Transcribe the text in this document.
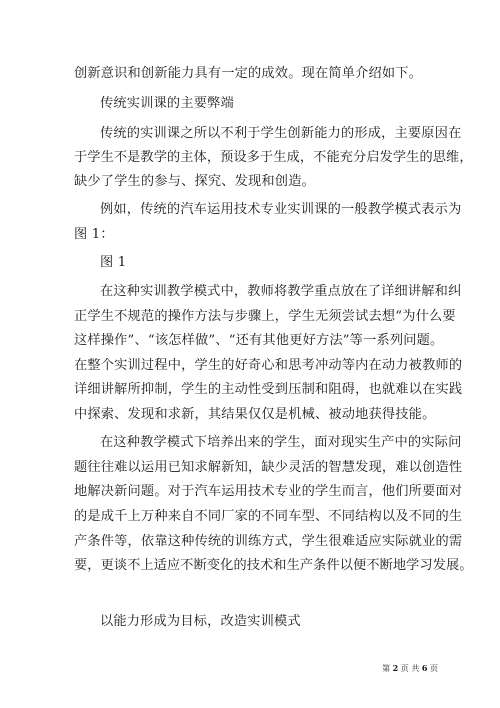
创新意识和创新能力具有一定的成效。现在简单介绍如下。
传统实训课的主要弊端
传统的实训课之所以不利于学生创新能力的形成，主要原因在
于学生不是教学的主体，预设多于生成，不能充分启发学生的思维，
缺少了学生的参与、探究、发现和创造。
例如，传统的汽车运用技术专业实训课的一般教学模式表示为
图 1：
图 1
在这种实训教学模式中，教师将教学重点放在了详细讲解和纠
正学生不规范的操作方法与步骤上，学生无须尝试去想“为什么要
这样操作”、“该怎样做”、“还有其他更好方法”等一系列问题。
在整个实训过程中，学生的好奇心和思考冲动等内在动力被教师的
详细讲解所抑制，学生的主动性受到压制和阻碍，也就难以在实践
中探索、发现和求新，其结果仅仅是机械、被动地获得技能。
在这种教学模式下培养出来的学生，面对现实生产中的实际问
题往往难以运用已知求解新知，缺少灵活的智慧发现，难以创造性
地解决新问题。对于汽车运用技术专业的学生而言，他们所要面对
的是成千上万种来自不同厂家的不同车型、不同结构以及不同的生
产条件等，依靠这种传统的训练方式，学生很难适应实际就业的需
要，更谈不上适应不断变化的技术和生产条件以便不断地学习发展。
以能力形成为目标，改造实训模式
第 2 页 共 6 页
